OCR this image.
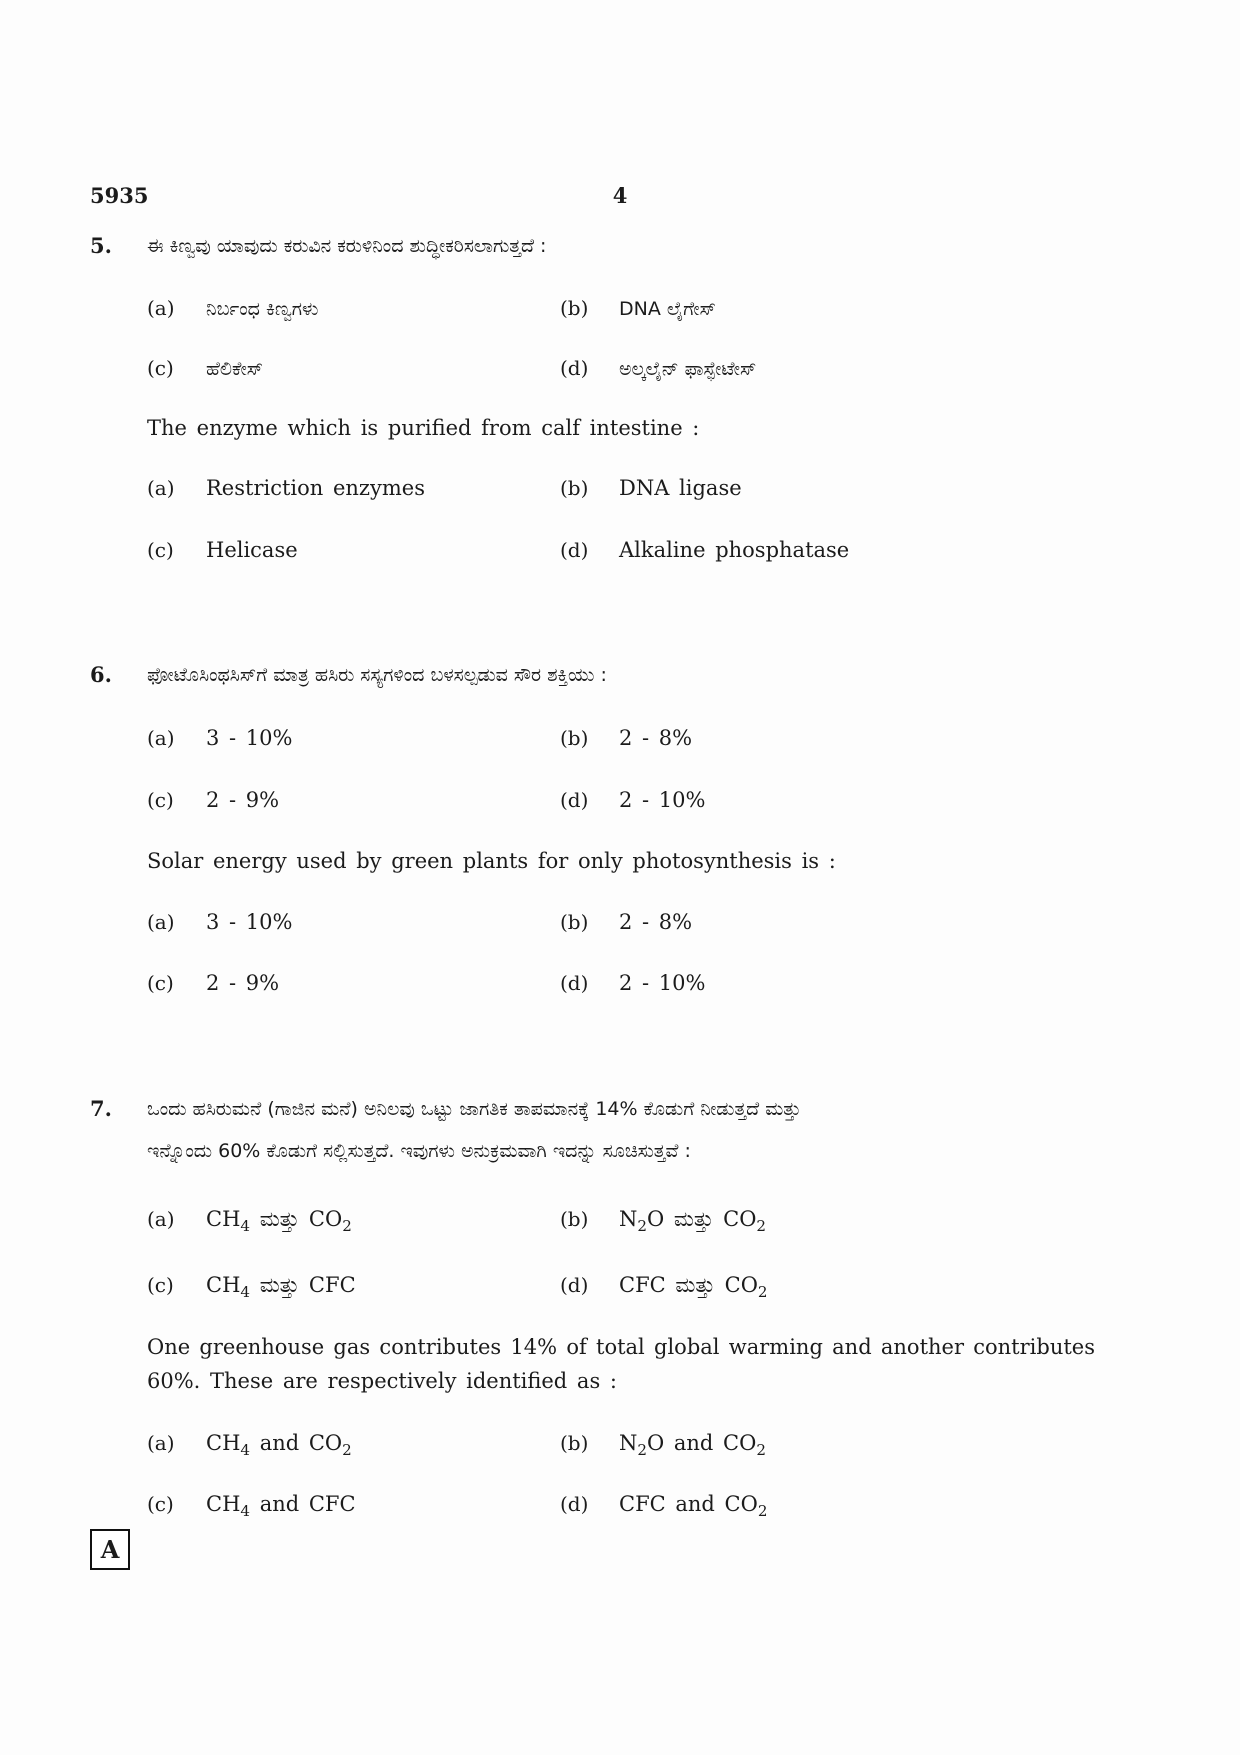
5935	4
5. ಈ ಕಿಣ್ವವು ಯಾವುದು ಕರುವಿನ ಕರುಳಿನಿಂದ ಶುದ್ಧೀಕರಿಸಲಾಗುತ್ತದೆ :
(a)	ನಿರ್ಬಂಧ ಕಿಣ್ವಗಳು	(b)	DNA ಲೈಗೇಸ್
(c)	ಹೆಲಿಕೇಸ್	(d)	ಅಲ್ಕಲೈನ್ ಫಾಸ್ಫೇಟೇಸ್
The enzyme which is purified from calf intestine :
(a)	Restriction enzymes	(b)	DNA ligase
(c)	Helicase	(d)	Alkaline phosphatase
6. ಫೋಟೊಸಿಂಥಸಿಸ್‌ಗೆ ಮಾತ್ರ ಹಸಿರು ಸಸ್ಯಗಳಿಂದ ಬಳಸಲ್ಪಡುವ ಸೌರ ಶಕ್ತಿಯು :
(a)	3 - 10%	(b)	2 - 8%
(c)	2 - 9%	(d)	2 - 10%
Solar energy used by green plants for only photosynthesis is :
(a)	3 - 10%	(b)	2 - 8%
(c)	2 - 9%	(d)	2 - 10%
7. ಒಂದು ಹಸಿರುಮನೆ (ಗಾಜಿನ ಮನೆ) ಅನಿಲವು ಒಟ್ಟು ಜಾಗತಿಕ ತಾಪಮಾನಕ್ಕೆ 14% ಕೊಡುಗೆ ನೀಡುತ್ತದೆ ಮತ್ತು
ಇನ್ನೊಂದು 60% ಕೊಡುಗೆ ಸಲ್ಲಿಸುತ್ತದೆ. ಇವುಗಳು ಅನುಕ್ರಮವಾಗಿ ಇದನ್ನು ಸೂಚಿಸುತ್ತವೆ :
(a)	$CH_4$ ಮತ್ತು $CO_2$	(b)	$N_2O$ ಮತ್ತು $CO_2$
(c)	$CH_4$ ಮತ್ತು CFC	(d)	CFC ಮತ್ತು $CO_2$
One greenhouse gas contributes 14% of total global warming and another contributes
60%. These are respectively identified as :
(a)	$CH_4$ and $CO_2$	(b)	$N_2O$ and $CO_2$
(c)	$CH_4$ and CFC	(d)	CFC and $CO_2$
A
